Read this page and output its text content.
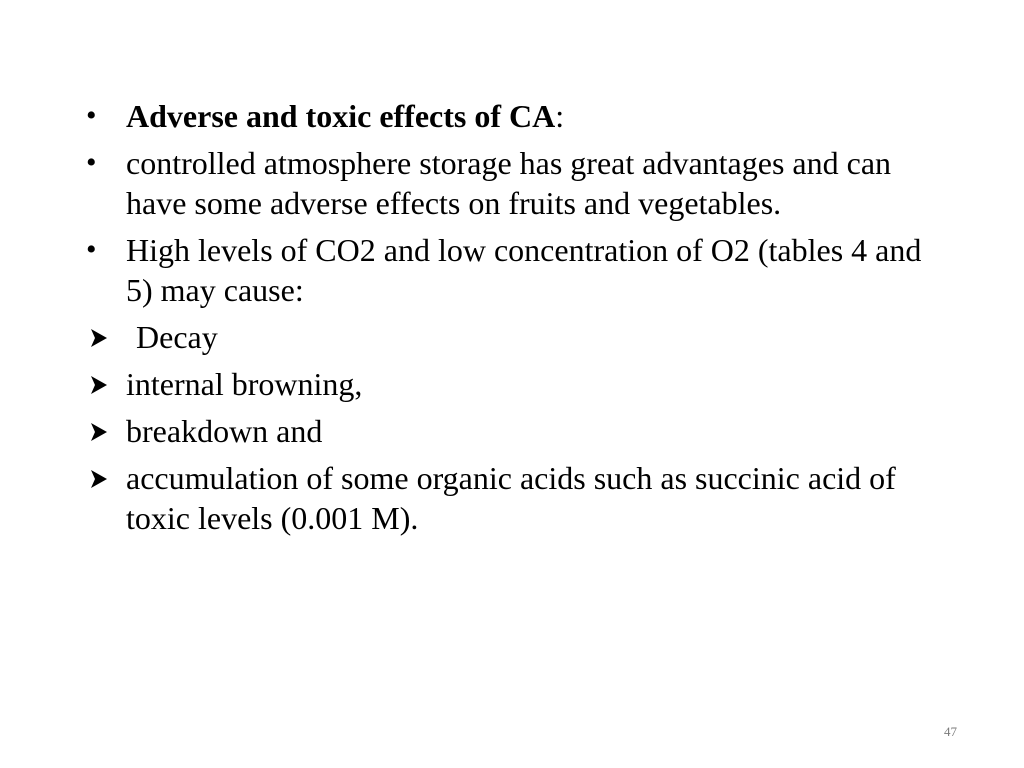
• Adverse and toxic effects of CA:
• controlled atmosphere storage has great advantages and can have some adverse effects on fruits and vegetables.
• High levels of CO2 and low concentration of O2 (tables 4 and 5) may cause:
Decay
internal browning,
breakdown and
accumulation of some organic acids such as succinic acid of toxic levels (0.001 M).
47
